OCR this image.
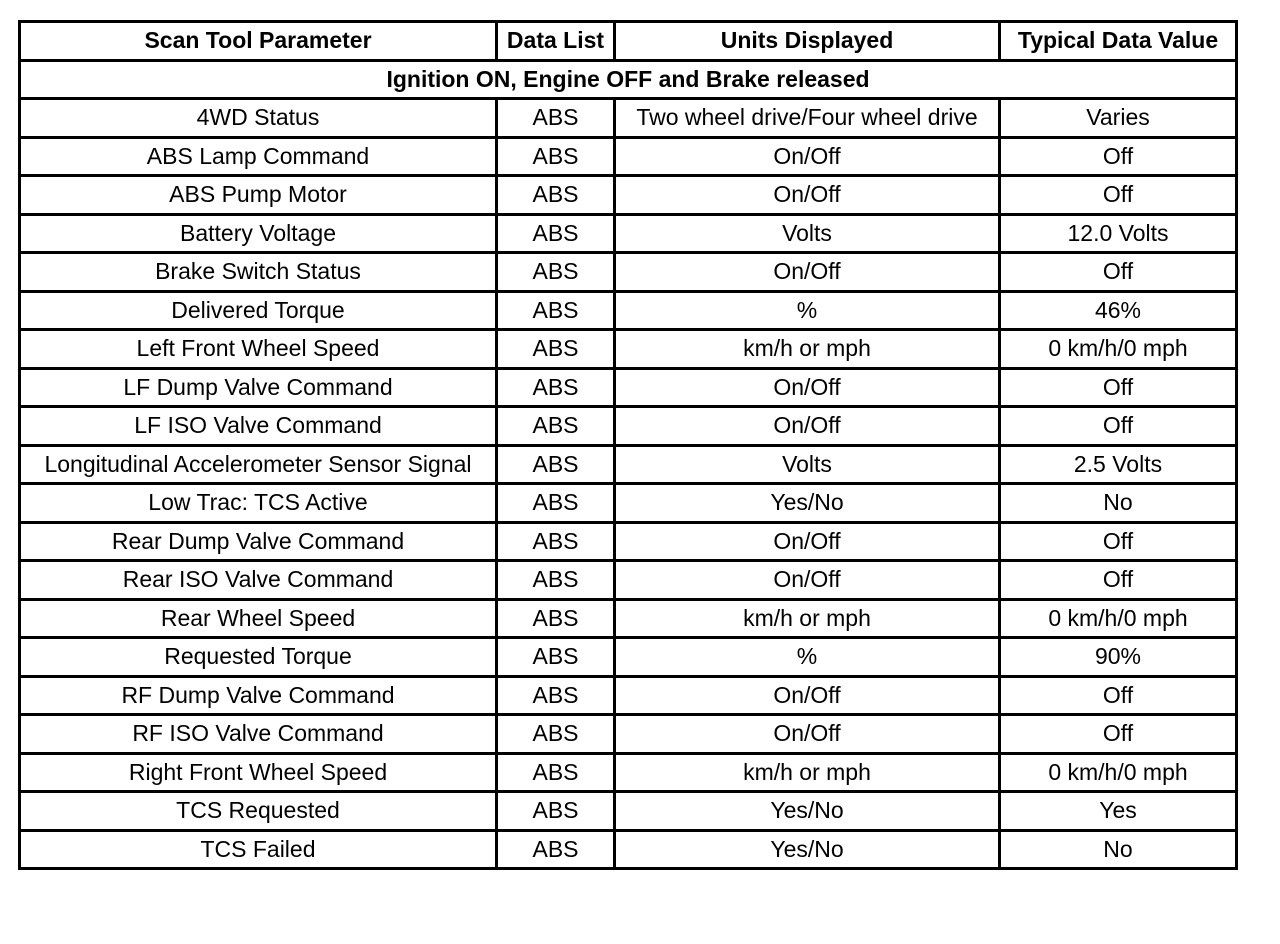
Scan Tool Parameter	Data List	Units Displayed	Typical Data Value
Ignition ON, Engine OFF and Brake released			
4WD Status	ABS	Two wheel drive/Four wheel drive	Varies
ABS Lamp Command	ABS	On/Off	Off
ABS Pump Motor	ABS	On/Off	Off
Battery Voltage	ABS	Volts	12.0 Volts
Brake Switch Status	ABS	On/Off	Off
Delivered Torque	ABS	%	46%
Left Front Wheel Speed	ABS	km/h or mph	0 km/h/0 mph
LF Dump Valve Command	ABS	On/Off	Off
LF ISO Valve Command	ABS	On/Off	Off
Longitudinal Accelerometer Sensor Signal	ABS	Volts	2.5 Volts
Low Trac: TCS Active	ABS	Yes/No	No
Rear Dump Valve Command	ABS	On/Off	Off
Rear ISO Valve Command	ABS	On/Off	Off
Rear Wheel Speed	ABS	km/h or mph	0 km/h/0 mph
Requested Torque	ABS	%	90%
RF Dump Valve Command	ABS	On/Off	Off
RF ISO Valve Command	ABS	On/Off	Off
Right Front Wheel Speed	ABS	km/h or mph	0 km/h/0 mph
TCS Requested	ABS	Yes/No	Yes
TCS Failed	ABS	Yes/No	No
